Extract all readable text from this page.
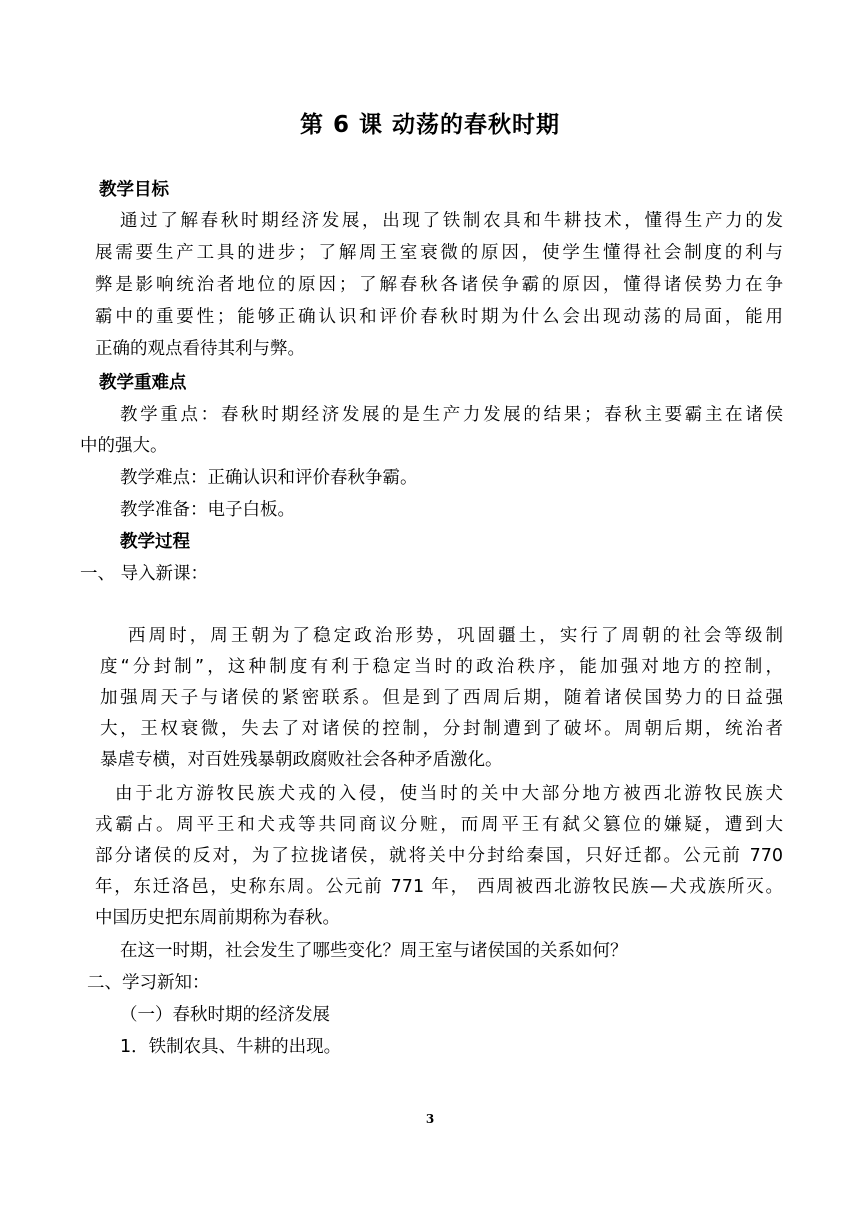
第 6 课 动荡的春秋时期
教学目标
通过了解春秋时期经济发展，出现了铁制农具和牛耕技术，懂得生产力的发
展需要生产工具的进步；了解周王室衰微的原因，使学生懂得社会制度的利与
弊是影响统治者地位的原因；了解春秋各诸侯争霸的原因，懂得诸侯势力在争
霸中的重要性；能够正确认识和评价春秋时期为什么会出现动荡的局面，能用
正确的观点看待其利与弊。
教学重难点
教学重点：春秋时期经济发展的是生产力发展的结果；春秋主要霸主在诸侯
中的强大。
教学难点：正确认识和评价春秋争霸。
教学准备：电子白板。
教学过程
一、 导入新课：
西周时，周王朝为了稳定政治形势，巩固疆土，实行了周朝的社会等级制
度“分封制”，这种制度有利于稳定当时的政治秩序，能加强对地方的控制，
加强周天子与诸侯的紧密联系。但是到了西周后期，随着诸侯国势力的日益强
大，王权衰微，失去了对诸侯的控制，分封制遭到了破坏。周朝后期，统治者
暴虐专横，对百姓残暴朝政腐败社会各种矛盾激化。
由于北方游牧民族犬戎的入侵，使当时的关中大部分地方被西北游牧民族犬
戎霸占。周平王和犬戎等共同商议分赃，而周平王有弑父篡位的嫌疑，遭到大
部分诸侯的反对，为了拉拢诸侯，就将关中分封给秦国，只好迁都。公元前 770
年，东迁洛邑，史称东周。公元前 771 年， 西周被西北游牧民族—犬戎族所灭。
中国历史把东周前期称为春秋。
在这一时期，社会发生了哪些变化？周王室与诸侯国的关系如何？
二、学习新知：
（一）春秋时期的经济发展
1．铁制农具、牛耕的出现。
3
